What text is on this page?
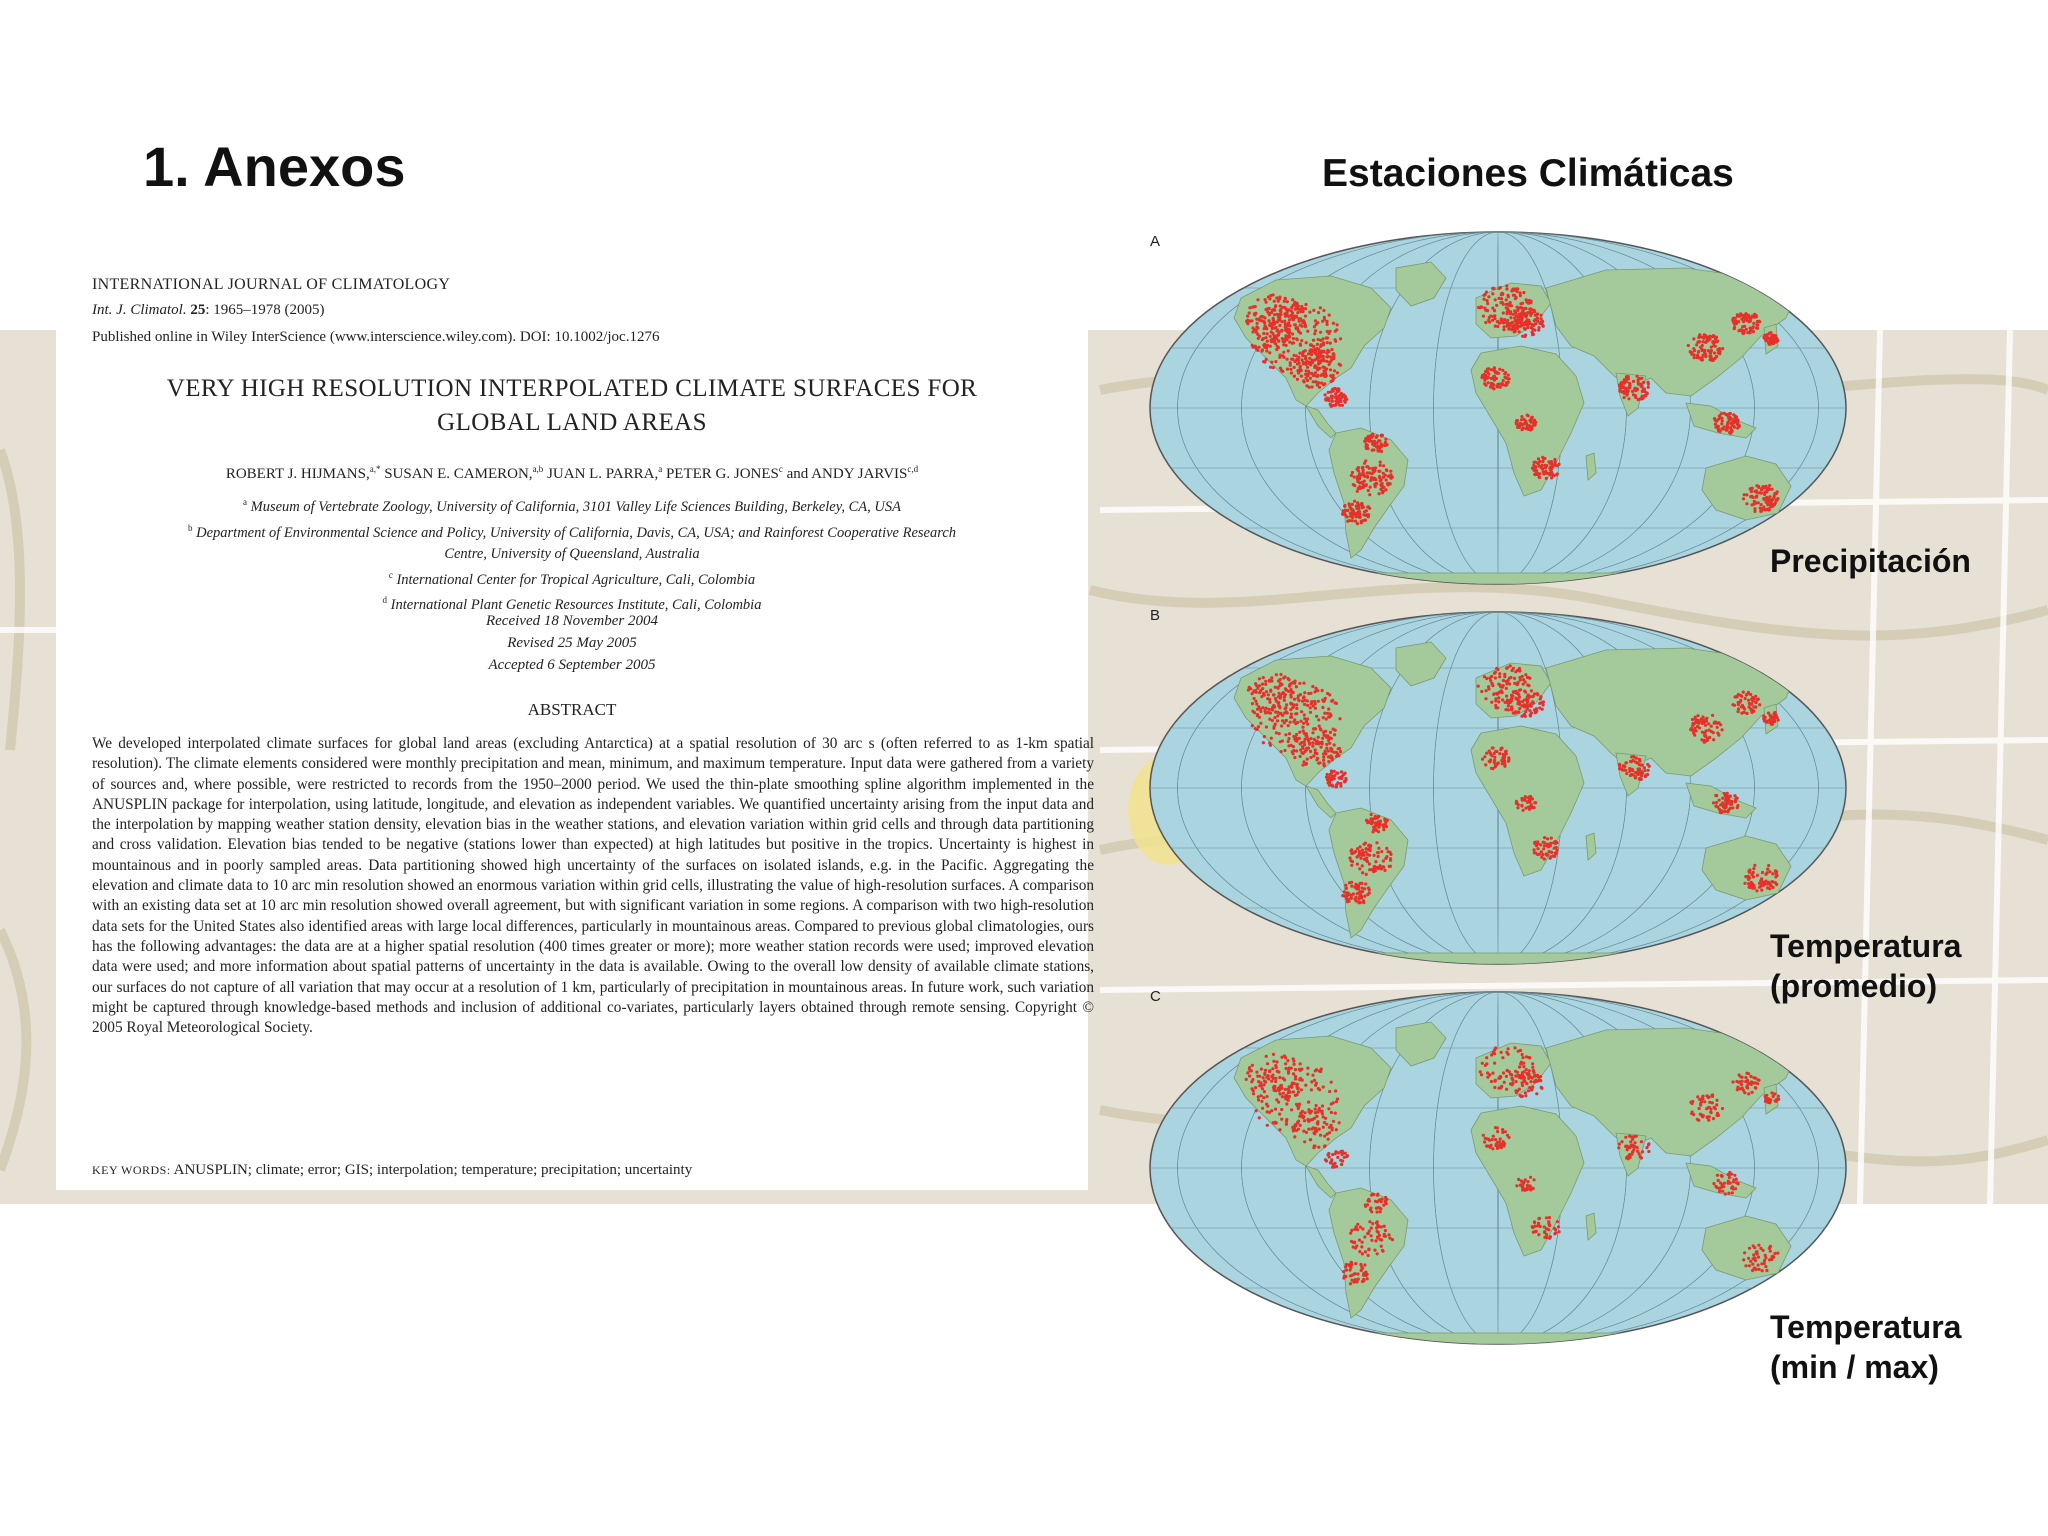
1. Anexos	Estaciones Climáticas
INTERNATIONAL JOURNAL OF CLIMATOLOGY
Int. J. Climatol. 25: 1965–1978 (2005)
Published online in Wiley InterScience (www.interscience.wiley.com). DOI: 10.1002/joc.1276
VERY HIGH RESOLUTION INTERPOLATED CLIMATE SURFACES FOR
GLOBAL LAND AREAS
ROBERT J. HIJMANS,$^{a,*}$ SUSAN E. CAMERON,$^{a,b}$ JUAN L. PARRA,$^a$ PETER G. JONES$^c$ and ANDY JARVIS$^{c,d}$
$^a$ Museum of Vertebrate Zoology, University of California, 3101 Valley Life Sciences Building, Berkeley, CA, USA
$^b$ Department of Environmental Science and Policy, University of California, Davis, CA, USA; and Rainforest Cooperative Research
Centre, University of Queensland, Australia
$^c$ International Center for Tropical Agriculture, Cali, Colombia
$^d$ International Plant Genetic Resources Institute, Cali, Colombia
Received 18 November 2004
Revised 25 May 2005
Accepted 6 September 2005
ABSTRACT

We developed interpolated climate surfaces for global land areas (excluding Antarctica) at a spatial resolution of 30 arc s (often referred to as 1-km spatial resolution). The climate elements considered were monthly precipitation and mean, minimum, and maximum temperature. Input data were gathered from a variety of sources and, where possible, were restricted to records from the 1950–2000 period. We used the thin-plate smoothing spline algorithm implemented in the ANUSPLIN package for interpolation, using latitude, longitude, and elevation as independent variables. We quantified uncertainty arising from the input data and the interpolation by mapping weather station density, elevation bias in the weather stations, and elevation variation within grid cells and through data partitioning and cross validation. Elevation bias tended to be negative (stations lower than expected) at high latitudes but positive in the tropics. Uncertainty is highest in mountainous and in poorly sampled areas. Data partitioning showed high uncertainty of the surfaces on isolated islands, e.g. in the Pacific. Aggregating the elevation and climate data to 10 arc min resolution showed an enormous variation within grid cells, illustrating the value of high-resolution surfaces. A comparison with an existing data set at 10 arc min resolution showed overall agreement, but with significant variation in some regions. A comparison with two high-resolution data sets for the United States also identified areas with large local differences, particularly in mountainous areas. Compared to previous global climatologies, ours has the following advantages: the data are at a higher spatial resolution (400 times greater or more); more weather station records were used; improved elevation data were used; and more information about spatial patterns of uncertainty in the data is available. Owing to the overall low density of available climate stations, our surfaces do not capture of all variation that may occur at a resolution of 1 km, particularly of precipitation in mountainous areas. In future work, such variation might be captured through knowledge-based methods and inclusion of additional co-variates, particularly layers obtained through remote sensing. Copyright © 2005 Royal Meteorological Society.

KEY WORDS: ANUSPLIN; climate; error; GIS; interpolation; temperature; precipitation; uncertainty
A
B
C

Precipitación

Temperatura
(promedio)

Temperatura
(min / max)
